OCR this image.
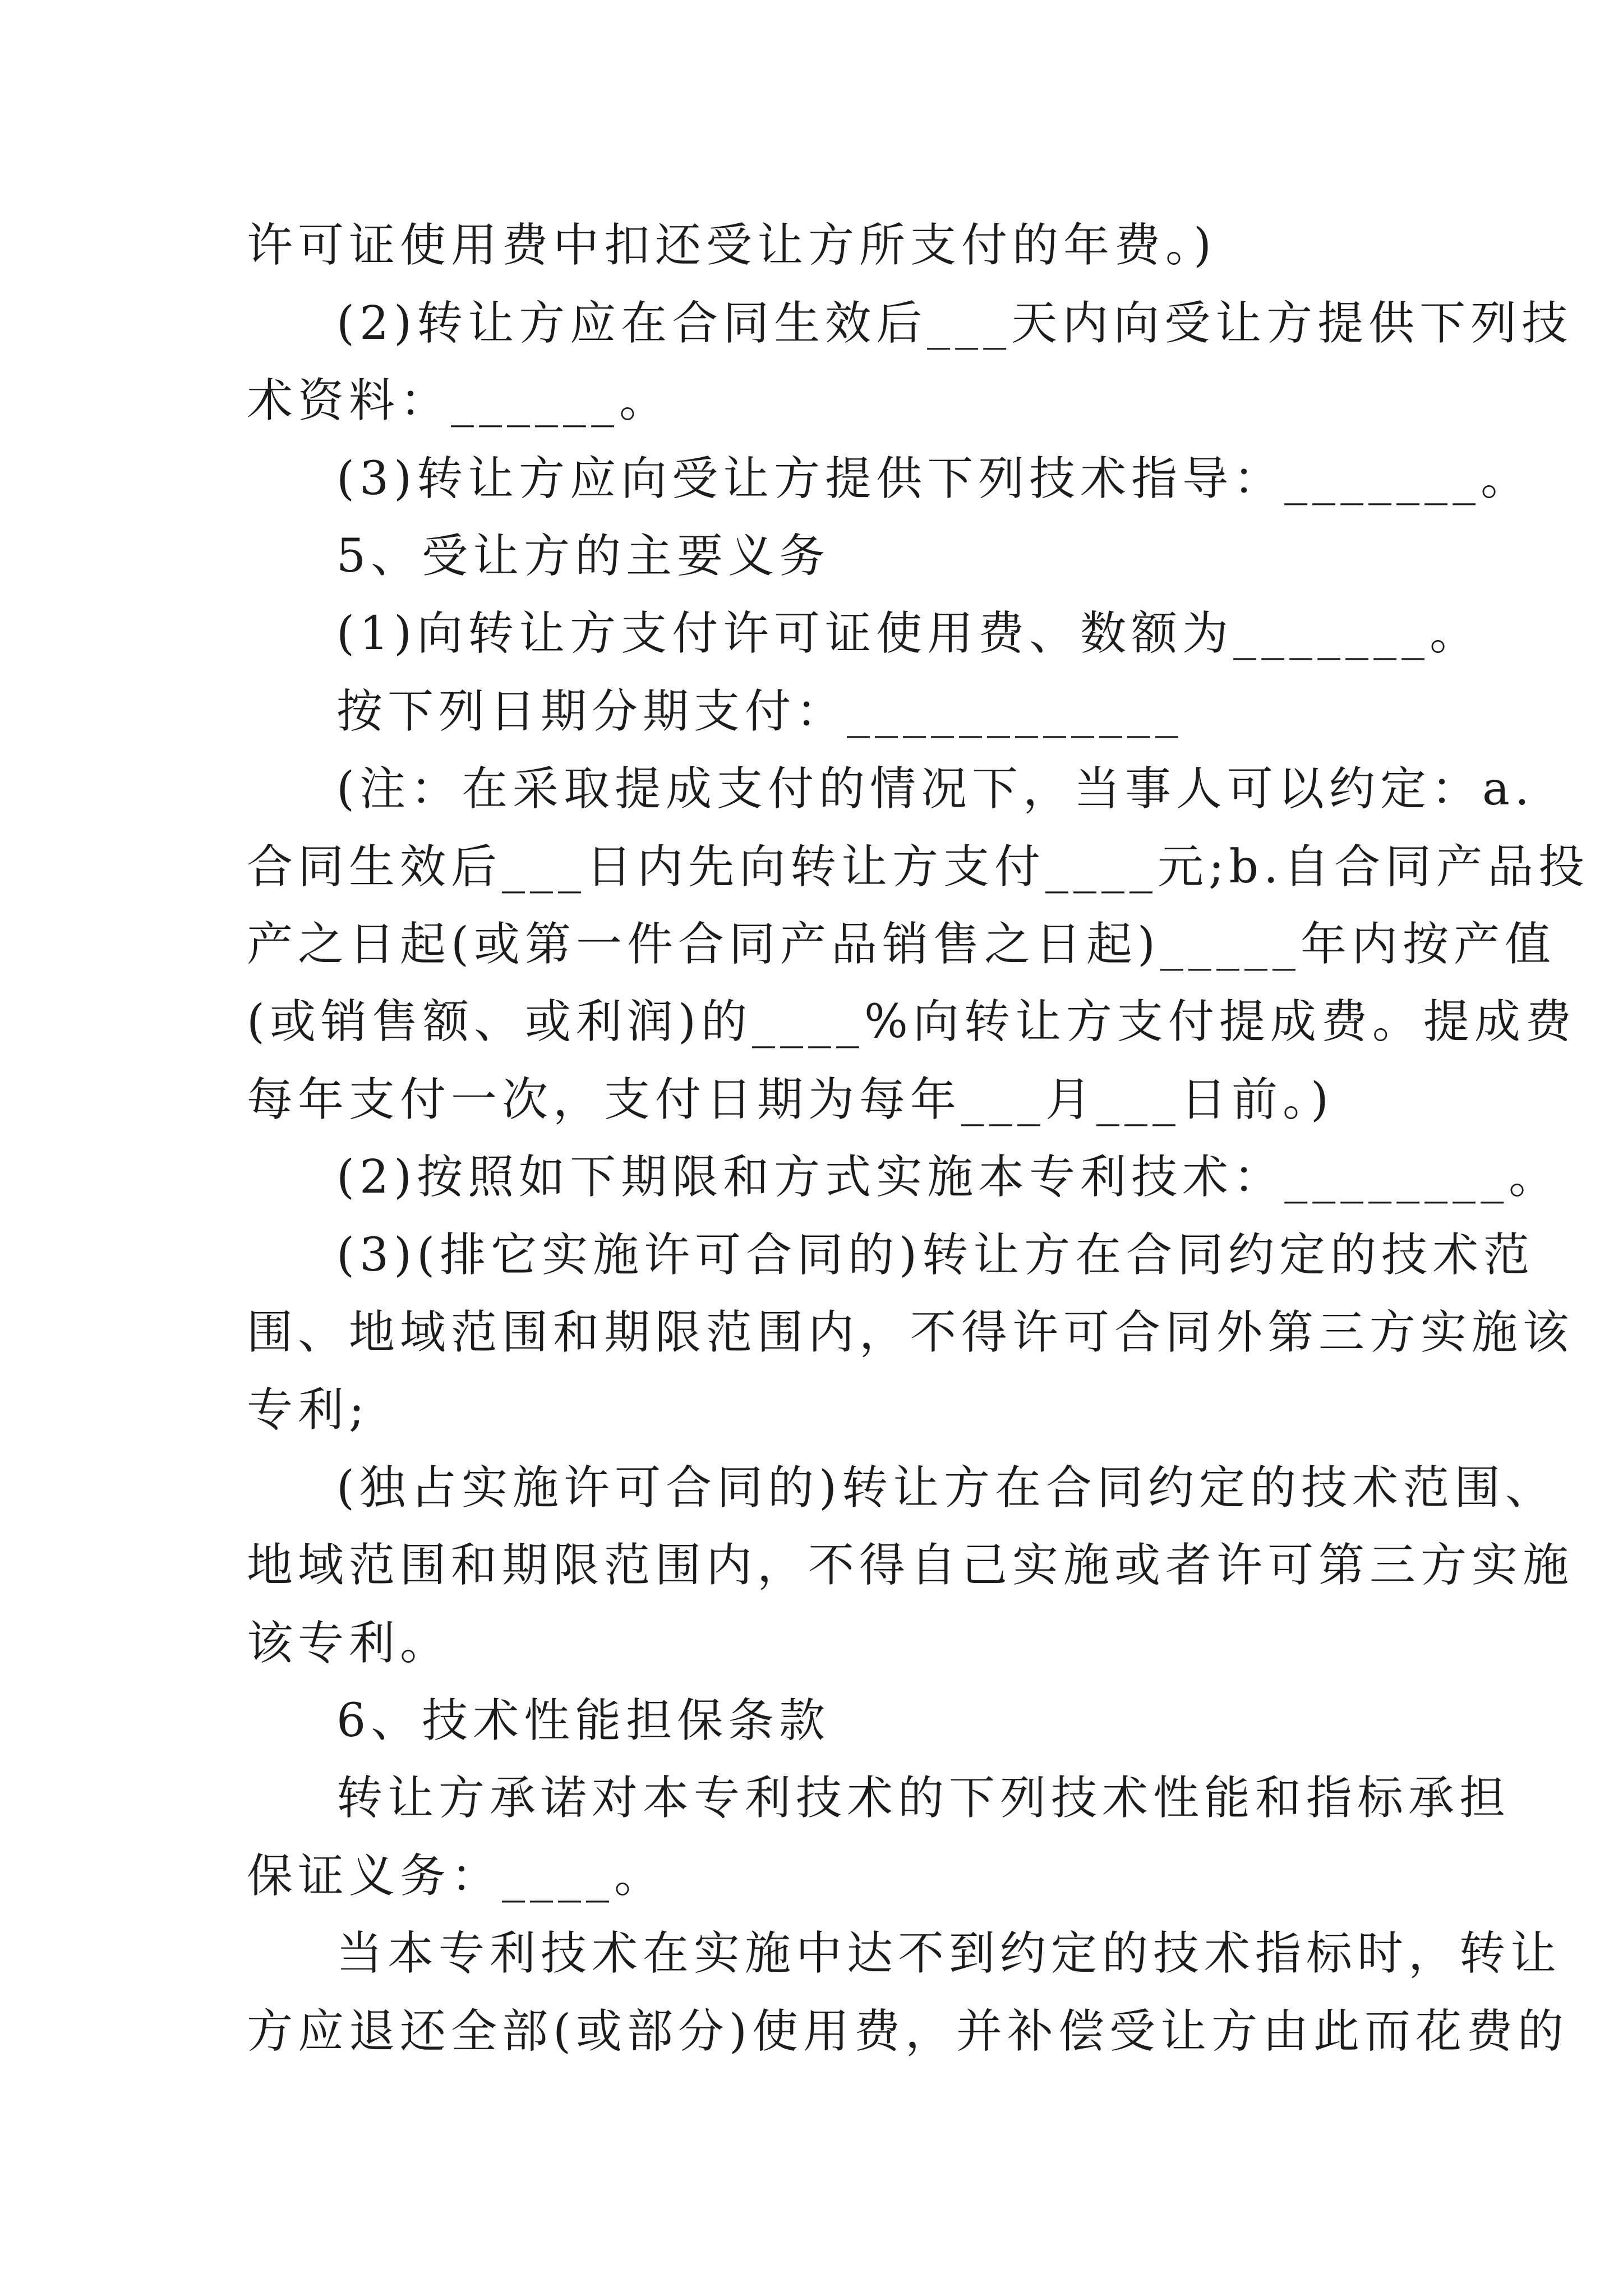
许可证使用费中扣还受让方所支付的年费。)
(2)转让方应在合同生效后___天内向受让方提供下列技
术资料：______。
(3)转让方应向受让方提供下列技术指导：_______。
5、受让方的主要义务
(1)向转让方支付许可证使用费、数额为_______。
按下列日期分期支付：____________
(注：在采取提成支付的情况下，当事人可以约定：a.
合同生效后___日内先向转让方支付____元;b.自合同产品投
产之日起(或第一件合同产品销售之日起)_____年内按产值
(或销售额、或利润)的____%向转让方支付提成费。提成费
每年支付一次，支付日期为每年___月___日前。)
(2)按照如下期限和方式实施本专利技术：________。
(3)(排它实施许可合同的)转让方在合同约定的技术范
围、地域范围和期限范围内，不得许可合同外第三方实施该
专利;
(独占实施许可合同的)转让方在合同约定的技术范围、
地域范围和期限范围内，不得自己实施或者许可第三方实施
该专利。
6、技术性能担保条款
转让方承诺对本专利技术的下列技术性能和指标承担
保证义务：____。
当本专利技术在实施中达不到约定的技术指标时，转让
方应退还全部(或部分)使用费，并补偿受让方由此而花费的
